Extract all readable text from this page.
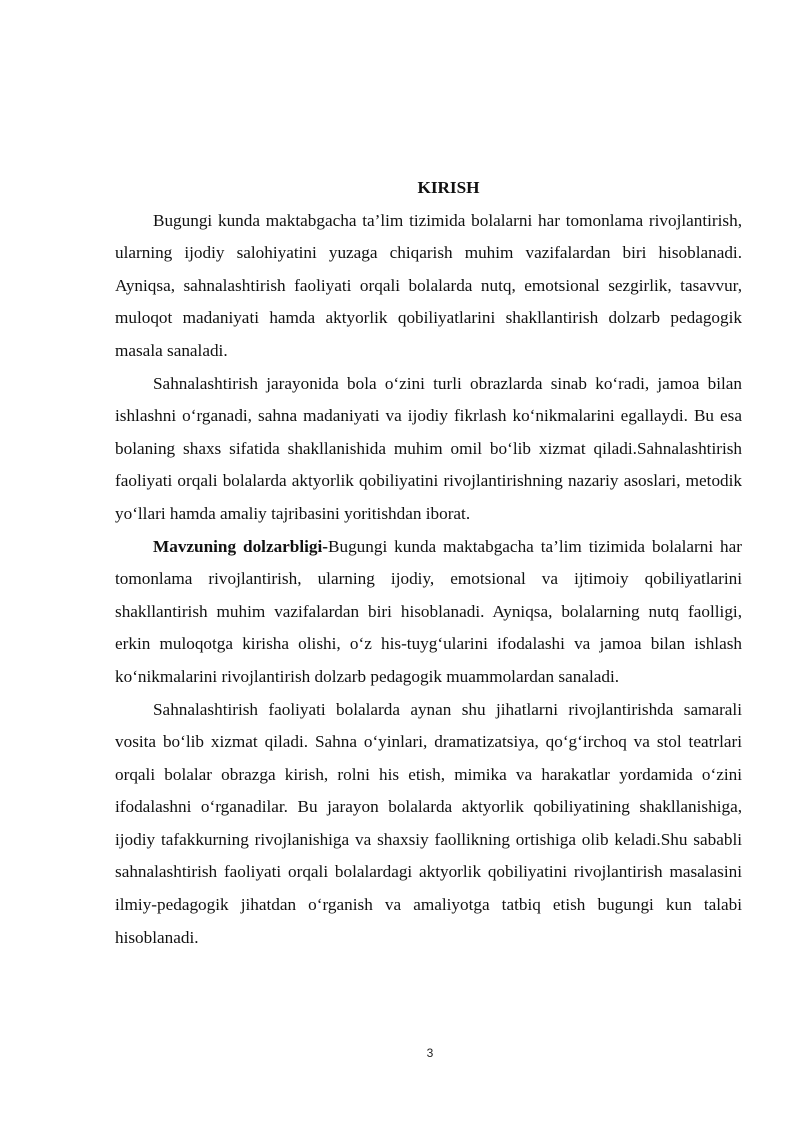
KIRISH

Bugungi kunda maktabgacha ta’lim tizimida bolalarni har tomonlama rivojlantirish, ularning ijodiy salohiyatini yuzaga chiqarish muhim vazifalardan biri hisoblanadi. Ayniqsa, sahnalashtirish faoliyati orqali bolalarda nutq, emotsional sezgirlik, tasavvur, muloqot madaniyati hamda aktyorlik qobiliyatlarini shakllantirish dolzarb pedagogik masala sanaladi.

Sahnalashtirish jarayonida bola o‘zini turli obrazlarda sinab ko‘radi, jamoa bilan ishlashni o‘rganadi, sahna madaniyati va ijodiy fikrlash ko‘nikmalarini egallaydi. Bu esa bolaning shaxs sifatida shakllanishida muhim omil bo‘lib xizmat qiladi.Sahnalashtirish faoliyati orqali bolalarda aktyorlik qobiliyatini rivojlantirishning nazariy asoslari, metodik yo‘llari hamda amaliy tajribasini yoritishdan iborat.

Mavzuning dolzarbligi-Bugungi kunda maktabgacha ta’lim tizimida bolalarni har tomonlama rivojlantirish, ularning ijodiy, emotsional va ijtimoiy qobiliyatlarini shakllantirish muhim vazifalardan biri hisoblanadi. Ayniqsa, bolalarning nutq faolligi, erkin muloqotga kirisha olishi, o‘z his-tuyg‘ularini ifodalashi va jamoa bilan ishlash ko‘nikmalarini rivojlantirish dolzarb pedagogik muammolardan sanaladi.

Sahnalashtirish faoliyati bolalarda aynan shu jihatlarni rivojlantirishda samarali vosita bo‘lib xizmat qiladi. Sahna o‘yinlari, dramatizatsiya, qo‘g‘irchoq va stol teatrlari orqali bolalar obrazga kirish, rolni his etish, mimika va harakatlar yordamida o‘zini ifodalashni o‘rganadilar. Bu jarayon bolalarda aktyorlik qobiliyatining shakllanishiga, ijodiy tafakkurning rivojlanishiga va shaxsiy faollikning ortishiga olib keladi.Shu sababli sahnalashtirish faoliyati orqali bolalardagi aktyorlik qobiliyatini rivojlantirish masalasini ilmiy-pedagogik jihatdan o‘rganish va amaliyotga tatbiq etish bugungi kun talabi hisoblanadi.

3
